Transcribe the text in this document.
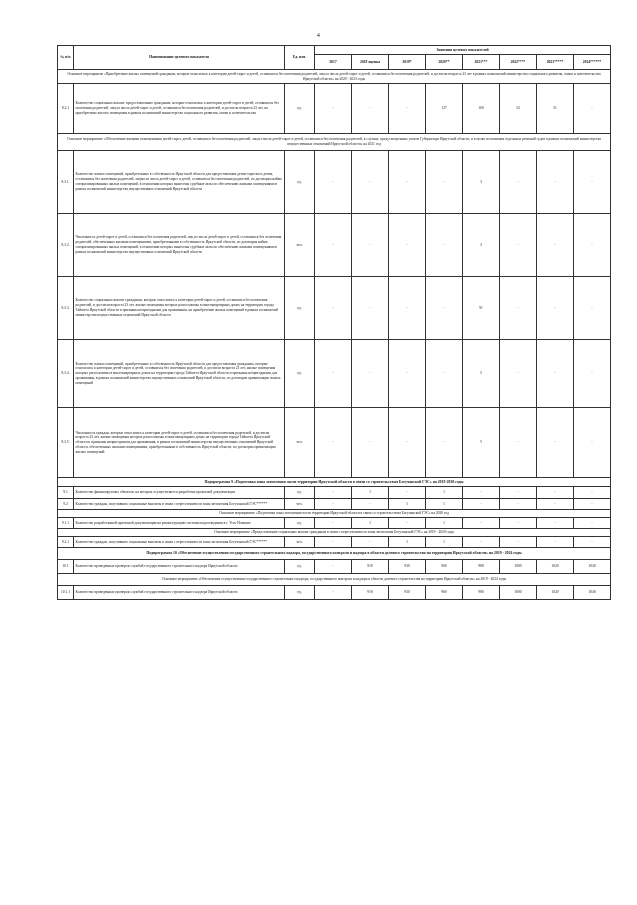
4
№ п/п	Наименование целевого показателя	Ед. изм.	Значения целевых показателей							
			2017	2018 оценка	2019*	2020**	2021***	2022****	2023*****	2024******
Основное мероприятие «Приобретение жилых помещений гражданам, которые относились к категории детей-сирот и детей, оставшихся без попечения родителей, лиц из числа детей-сирот и детей, оставшихся без попечения родителей, и достигли возраста 23 лет в рамках полномочий министерства социального развития, опеки и попечительства Иркутской области» на 2020 - 2023 годы										
8.2.1	Количество социальных выплат, предоставленных гражданам, которые относились к категории детей-сирот и детей, оставшихся без попечения родителей, лиц из числа детей-сирот и детей, оставшихся без попечения родителей, и достигли возраста 23 лет, на приобретение жилого помещения в рамках полномочий министерства социального развития, опеки и попечительства	ед.	-	-	-	127	160	52	51	-
Основное мероприятие «Обеспечение жилыми помещениями детей-сирот, детей, оставшихся без попечения родителей, лиц из числа детей-сирот и детей, оставшихся без попечения родителей, в случаях, предусмотренных указом Губернатора Иркутской области, и в целях исполнения отдельных решений судов в рамках полномочий министерства имущественных отношений Иркутской области» на 2021 год										
8.3.1.	Количество жилых помещений, приобретенных в собственность Иркутской области для предоставления детям-сиротам и детям, оставшимся без попечения родителей, лицам из числа детей-сирот и детей, оставшихся без попечения родителей, по договорам найма специализированных жилых помещений, в отношении которых вынесены судебные акты по обеспечению жилыми помещениями в рамках полномочий министерства имущественных отношений Иркутской области	ед.	-	-	-	-	3	-	-	-
8.3.2.	Численность детей-сирот и детей, оставшихся без попечения родителей, лиц из числа детей-сирот и детей, оставшихся без попечения родителей, обеспеченных жилыми помещениями, приобретенными в собственность Иркутской области, по договорам найма специализированных жилых помещений, в отношении которых вынесены судебные акты по обеспечению жилыми помещениями в рамках полномочий министерства имущественных отношений Иркутской области	чел.	-	-	-	-	3	-	-	-
8.3.3.	Количество социальных выплат гражданам, которые относились к категории детей-сирот и детей, оставшихся без попечения родителей, и достигли возраста 23 лет, жилые помещения которых расположены в многоквартирных домах на территории города Тайшета Иркутской области и признаны непригодными для проживания, на приобретение жилых помещений в рамках полномочий министерства имущественных отношений Иркутской области	ед.	-	-	-	-	91	-	-	-
8.3.4.	Количество жилых помещений, приобретенных в собственность Иркутской области для предоставления гражданам, которые относились к категории детей-сирот и детей, оставшихся без попечения родителей, и достигли возраста 23 лет, жилые помещения которых расположены в многоквартирных домах на территории города Тайшета Иркутской области и признаны непригодными для проживания, в рамках полномочий министерства имущественных отношений Иркутской области, по договорам приватизации жилых помещений	ед.	-	-	-	-	5	-	-	-
8.3.5.	Численность граждан, которые относились к категории детей-сирот и детей, оставшихся без попечения родителей, и достигли возраста 23 лет, жилые помещения которых расположены в многоквартирных домах на территории города Тайшета Иркутской области и признаны непригодными для проживания, в рамках полномочий министерства имущественных отношений Иркутской области, обеспеченных жилыми помещениями, приобретенными в собственность Иркутской области, по договорам приватизации жилых помещений	чел.	-	-	-	-	5	-	-	-
Подпрограмма 9 «Подготовка зоны затопления части территории Иркутской области в связи со строительством Богучанской ГЭС» на 2019-2020 годы										
9.1	Количество финансируемых объектов, на которых осуществляется разработка проектной документации	ед.	-	1	-	1	-	-	-	-
9.2	Количество граждан, получивших социальные выплаты в связи с переселением из зоны затопления Богучанской ГЭС******	чел.	-	-	1	1	-	-	-	-
Основное мероприятие «Подготовка зоны затопления части территории Иркутской области в связи со строительством Богучанской ГЭС» на 2020 год										
9.1.1	Количество разработанной проектной документации на реконструкцию системы водоотведения в г. Усть-Илимске	ед.	-	1	-	1	-	-	-	-
Основное мероприятие «Предоставление социальных выплат гражданам в связи с переселением из зоны затопления Богучанской ГЭС» на 2019 - 2020 годы										
9.2.1	Количество граждан, получивших социальные выплаты в связи с переселением из зоны затопления Богучанской ГЭС******	чел.	-	-	1	1	-	-	-	-
Подпрограмма 10 «Обеспечение осуществления государственного строительного надзора, государственного контроля и надзора в области долевого строительства на территории Иркутской области» на 2019 - 2024 годы										
10.1	Количество проведенных проверок службой государственного строительного надзора Иркутской области	ед.	-	910	930	960	980	1000	1020	1040
Основное мероприятие «Обеспечение осуществления государственного строительного надзора, государственного контроля и надзора в области долевого строительства на территории Иркутской области» на 2019 - 2024 годы										
10.1.1	Количество проведенных проверок службой государственного строительного надзора Иркутской области	ед.	-	910	930	960	980	1000	1020	1040
